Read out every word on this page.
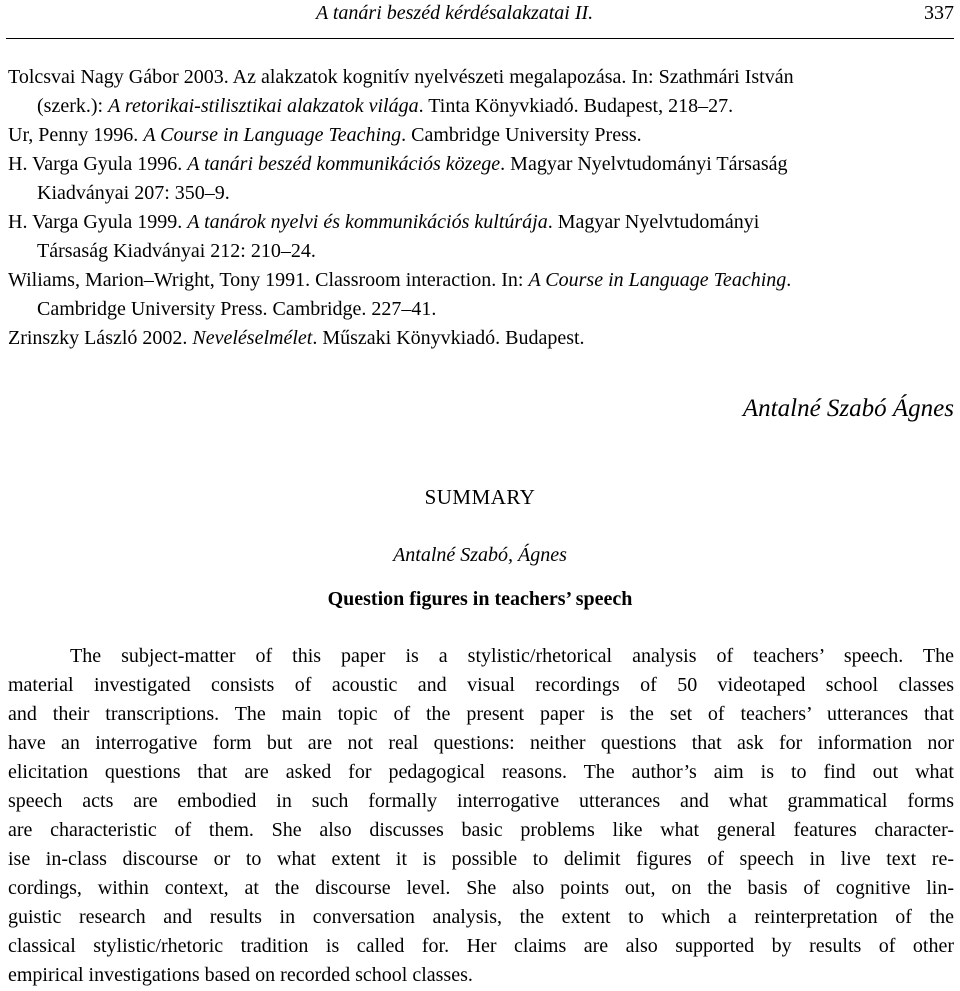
A tanári beszéd kérdésalakzatai II.	337
Tolcsvai Nagy Gábor 2003. Az alakzatok kognitív nyelvészeti megalapozása. In: Szathmári István
(szerk.): A retorikai-stilisztikai alakzatok világa. Tinta Könyvkiadó. Budapest, 218–27.
Ur, Penny 1996. A Course in Language Teaching. Cambridge University Press.
H. Varga Gyula 1996. A tanári beszéd kommunikációs közege. Magyar Nyelvtudományi Társaság
Kiadványai 207: 350–9.
H. Varga Gyula 1999. A tanárok nyelvi és kommunikációs kultúrája. Magyar Nyelvtudományi
Társaság Kiadványai 212: 210–24.
Wiliams, Marion–Wright, Tony 1991. Classroom interaction. In: A Course in Language Teaching.
Cambridge University Press. Cambridge. 227–41.
Zrinszky László 2002. Neveléselmélet. Műszaki Könyvkiadó. Budapest.
Antalné Szabó Ágnes
SUMMARY
Antalné Szabó, Ágnes
Question figures in teachers’ speech
The subject-matter of this paper is a stylistic/rhetorical analysis of teachers’ speech. The
material investigated consists of acoustic and visual recordings of 50 videotaped school classes
and their transcriptions. The main topic of the present paper is the set of teachers’ utterances that
have an interrogative form but are not real questions: neither questions that ask for information nor
elicitation questions that are asked for pedagogical reasons. The author’s aim is to find out what
speech acts are embodied in such formally interrogative utterances and what grammatical forms
are characteristic of them. She also discusses basic problems like what general features character-
ise in-class discourse or to what extent it is possible to delimit figures of speech in live text re-
cordings, within context, at the discourse level. She also points out, on the basis of cognitive lin-
guistic research and results in conversation analysis, the extent to which a reinterpretation of the
classical stylistic/rhetoric tradition is called for. Her claims are also supported by results of other
empirical investigations based on recorded school classes.
